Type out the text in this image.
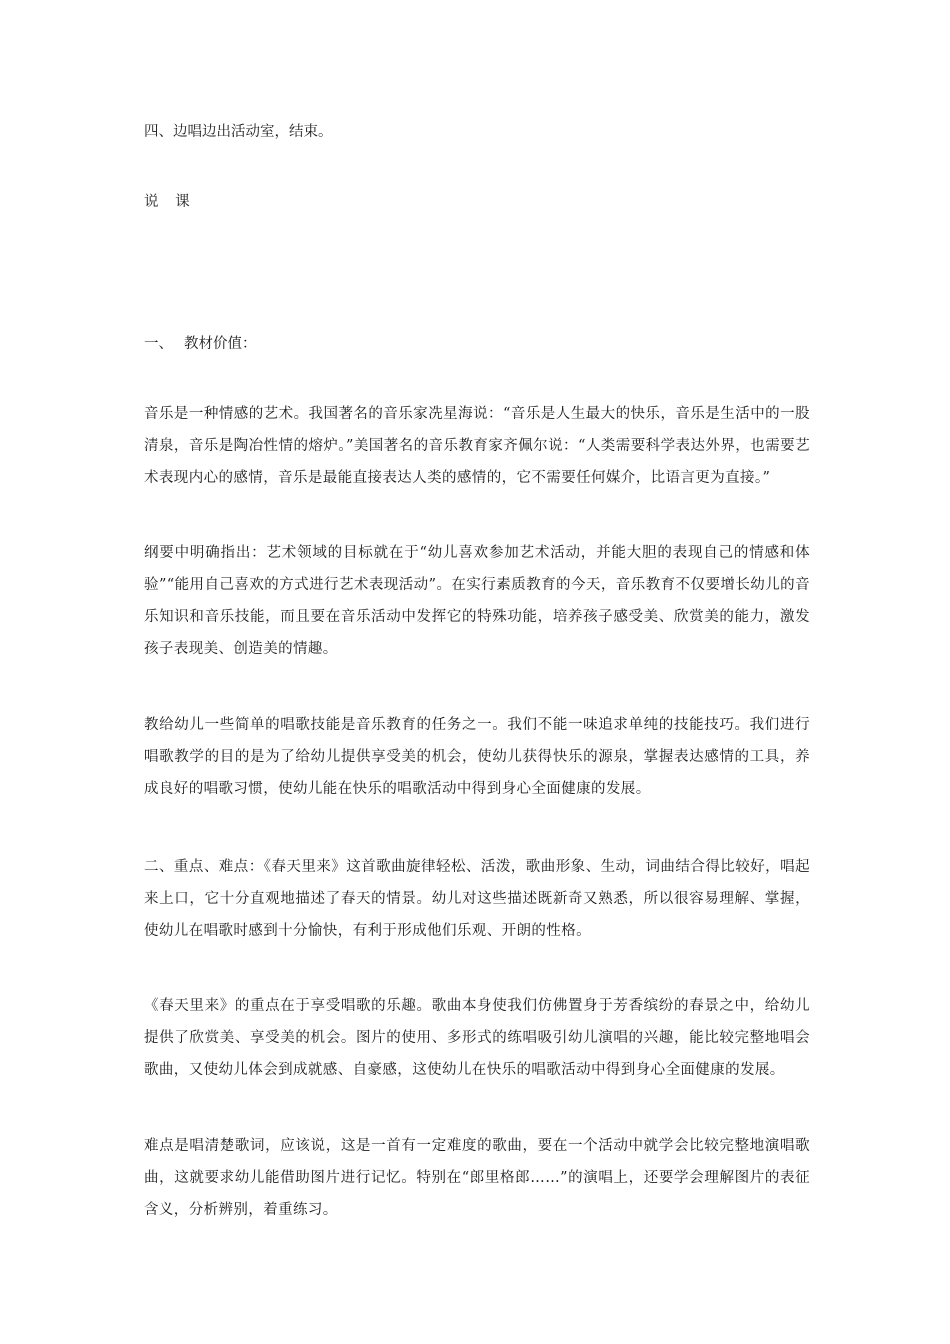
四、边唱边出活动室，结束。
说 课
一、 教材价值：
音乐是一种情感的艺术。我国著名的音乐家冼星海说：“音乐是人生最大的快乐，音乐是生活中的一股清泉，音乐是陶冶性情的熔炉。”美国著名的音乐教育家齐佩尔说：“人类需要科学表达外界，也需要艺术表现内心的感情，音乐是最能直接表达人类的感情的，它不需要任何媒介，比语言更为直接。”
纲要中明确指出：艺术领域的目标就在于“幼儿喜欢参加艺术活动，并能大胆的表现自己的情感和体验”“能用自己喜欢的方式进行艺术表现活动”。在实行素质教育的今天，音乐教育不仅要增长幼儿的音乐知识和音乐技能，而且要在音乐活动中发挥它的特殊功能，培养孩子感受美、欣赏美的能力，激发孩子表现美、创造美的情趣。
教给幼儿一些简单的唱歌技能是音乐教育的任务之一。我们不能一味追求单纯的技能技巧。我们进行唱歌教学的目的是为了给幼儿提供享受美的机会，使幼儿获得快乐的源泉，掌握表达感情的工具，养成良好的唱歌习惯，使幼儿能在快乐的唱歌活动中得到身心全面健康的发展。
二、重点、难点：《春天里来》这首歌曲旋律轻松、活泼，歌曲形象、生动，词曲结合得比较好，唱起来上口，它十分直观地描述了春天的情景。幼儿对这些描述既新奇又熟悉，所以很容易理解、掌握，使幼儿在唱歌时感到十分愉快，有利于形成他们乐观、开朗的性格。
《春天里来》的重点在于享受唱歌的乐趣。歌曲本身使我们仿佛置身于芳香缤纷的春景之中，给幼儿提供了欣赏美、享受美的机会。图片的使用、多形式的练唱吸引幼儿演唱的兴趣，能比较完整地唱会歌曲，又使幼儿体会到成就感、自豪感，这使幼儿在快乐的唱歌活动中得到身心全面健康的发展。
难点是唱清楚歌词，应该说，这是一首有一定难度的歌曲，要在一个活动中就学会比较完整地演唱歌曲，这就要求幼儿能借助图片进行记忆。特别在“郎里格郎……”的演唱上，还要学会理解图片的表征含义，分析辨别，着重练习。
